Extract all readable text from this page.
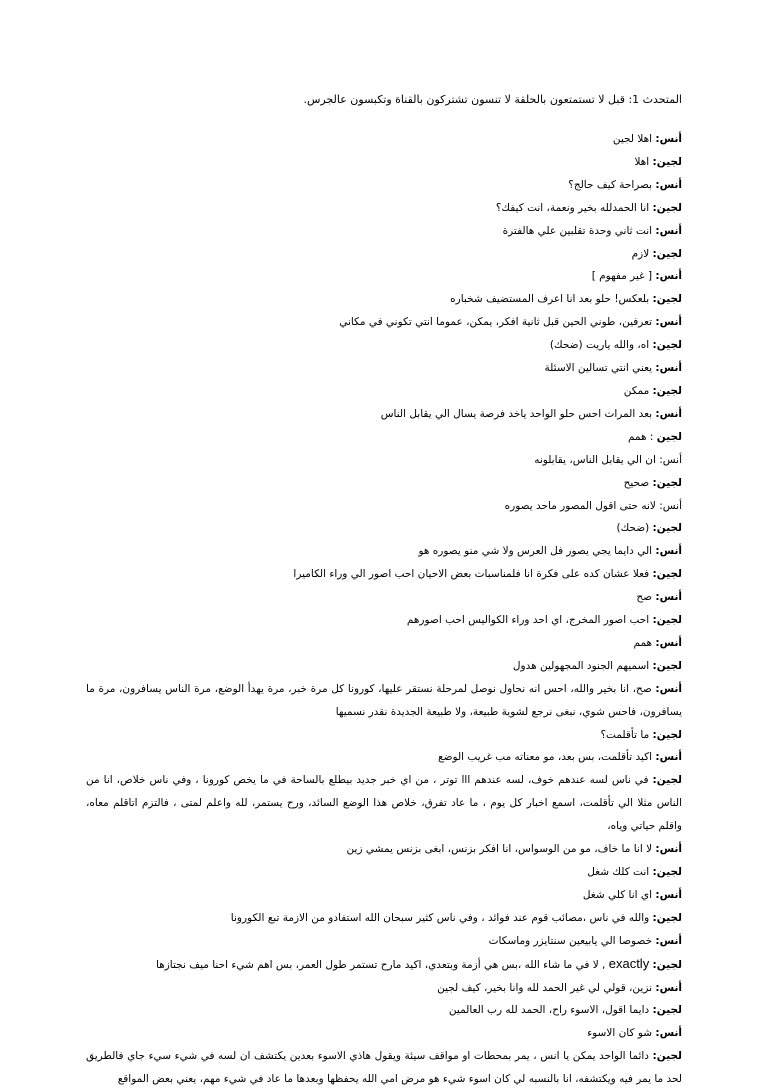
المتحدث 1: قبل لا تستمتعون بالحلقة لا تنسون تشتركون بالقناة وتكبسون عالجرس.
أنس: اهلا لجين
لجين: اهلا
أنس: بصراحة كيف حالج؟
لجين: انا الحمدلله بخير ونعمة، انت كيفك؟
أنس: انت ثاني وحدة تقلبين علي هالفترة
لجين: لازم
أنس: [ غير مفهوم ]
لجين: بلعكس! حلو بعد انا اعرف المستضيف شخباره
أنس: تعرفين، طوني الحين قبل ثانية افكر، يمكن، عموما انتي تكوني في مكاني
لجين: اه، والله ياريت (ضحك)
أنس: يعني انتي تسالين الاسئلة
لجين: ممكن
أنس: بعد المرات احس حلو الواحد ياخد فرصة يسال الي يقابل الناس
لجين : همم
أنس: ان الي يقابل الناس، يقابلونه
لجين: صحيح
أنس: لانه حتى اقول المصور ماحد يصوره
لجين: (ضحك)
أنس: الي دايما يجي يصور فل العرس ولا شي منو يصوره هو
لجين: فعلا عشان كده على فكرة انا فلمناسبات بعض الاحيان احب اصور الي وراء الكاميرا
أنس: صح
لجين: احب اصور المخرج، اي احد وراء الكواليس احب اصورهم
أنس: همم
لجين: اسميهم الجنود المجهولين هدول
أنس: صح، انا بخير والله، احس انه نحاول نوصل لمرحلة نستقر عليها، كورونا كل مرة خبر، مرة يهدأ الوضع، مرة الناس يسافرون، مرة ما يسافرون، فاحس شوي، نبغى نرجع لشوية طبيعة، ولا طبيعة الجديدة نقدر نسميها
لجين: ما تأقلمت؟
أنس: اكيد تأقلمت، بس بعد، مو معناته مب غريب الوضع
لجين: في ناس لسه عندهم خوف، لسه عندهم ااا توتر ، من اي خبر جديد بيطلع بالساحة في ما يخص كورونا ، وفي ناس خلاص، انا من الناس مثلا الي تأقلمت، اسمع اخبار كل يوم ، ما عاد تفرق، خلاص هذا الوضع السائد، ورح يستمر، لله واعلم لمتى ، فالتزم اتاقلم معاه، واقلم حياتي وياه،
أنس: لا انا ما خاف، مو من الوسواس، انا افكر بزنس، ابغى بزنس يمشي زين
لجين: انت كلك شغل
أنس: اي انا كلي شغل
لجين: والله في ناس ،مصائب قوم عند فوائد ، وفي ناس كثير سبحان الله استفادو من الازمة تبع الكورونا
أنس: خصوصا الي يابيعين سنتايزر وماسكات
لجين: exactly , لا في ما شاء الله ،بس هي أزمة وبتعدي، اكيد مارح تستمر طول العمر، بس اهم شيء احنا ميف نجتازها
أنس: نزين، قولي لي غير الحمد لله وانا بخير، كيف لجين
لجين: دايما اقول، الاسوء راح، الحمد لله رب العالمين
أنس: شو كان الاسوء
لجين: دائما الواحد يمكن يا انس ، يمر بمحطات او مواقف سيئة ويقول هاذي الاسوء بعدين يكتشف ان لسه في شيء سيء جاي فالطريق لحد ما يمر فيه ويكتشفه، انا بالنسبه لي كان اسوء شيء هو مرض امي الله يحفظها وبعدها ما عاد في شيء مهم، يعني بعض المواقع
